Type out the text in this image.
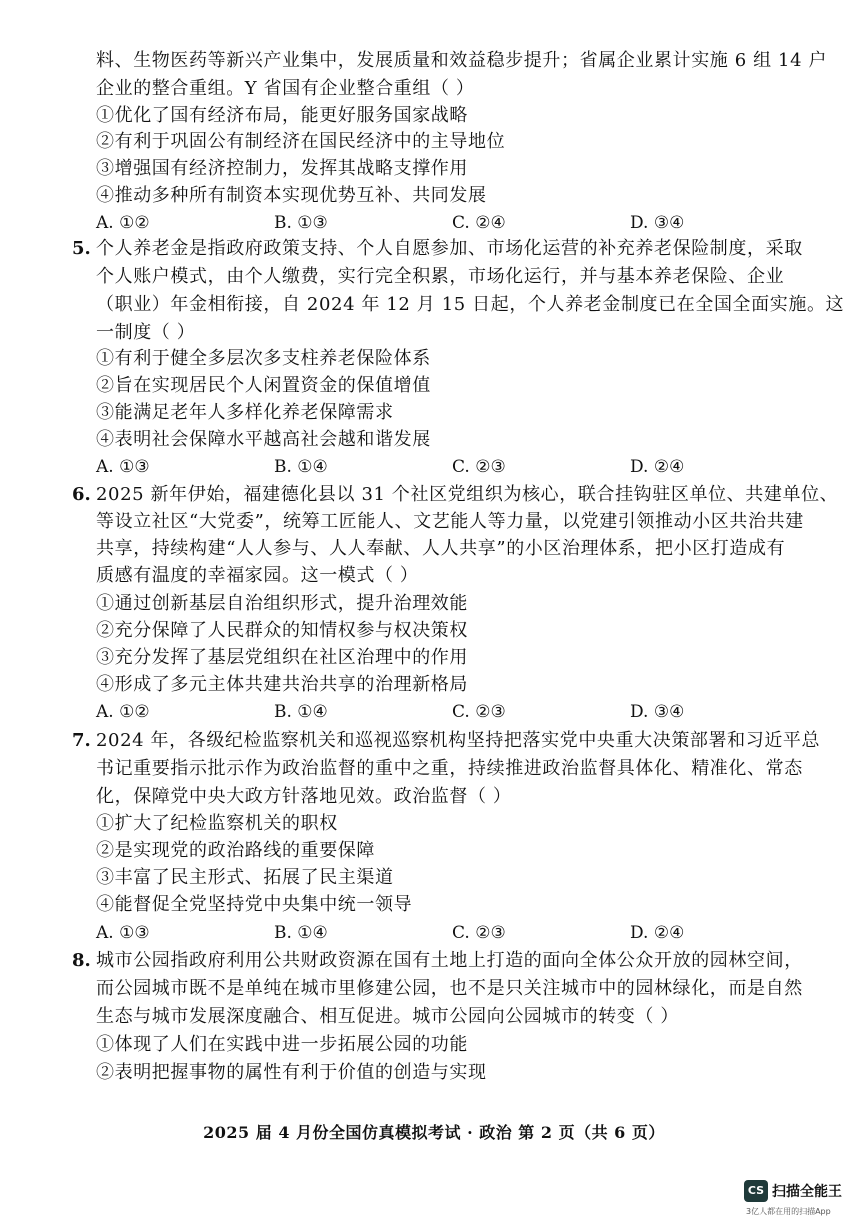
料、生物医药等新兴产业集中，发展质量和效益稳步提升；省属企业累计实施 6 组 14 户
企业的整合重组。Y 省国有企业整合重组（ ）
①优化了国有经济布局，能更好服务国家战略
②有利于巩固公有制经济在国民经济中的主导地位
③增强国有经济控制力，发挥其战略支撑作用
④推动多种所有制资本实现优势互补、共同发展
A. ①②	B. ①③	C. ②④	D. ③④
5. 个人养老金是指政府政策支持、个人自愿参加、市场化运营的补充养老保险制度，采取
个人账户模式，由个人缴费，实行完全积累，市场化运行，并与基本养老保险、企业
（职业）年金相衔接，自 2024 年 12 月 15 日起，个人养老金制度已在全国全面实施。这
一制度（ ）
①有利于健全多层次多支柱养老保险体系
②旨在实现居民个人闲置资金的保值增值
③能满足老年人多样化养老保障需求
④表明社会保障水平越高社会越和谐发展
A. ①③	B. ①④	C. ②③	D. ②④
6. 2025 新年伊始，福建德化县以 31 个社区党组织为核心，联合挂钩驻区单位、共建单位、
等设立社区“大党委”，统筹工匠能人、文艺能人等力量，以党建引领推动小区共治共建
共享，持续构建“人人参与、人人奉献、人人共享”的小区治理体系，把小区打造成有
质感有温度的幸福家园。这一模式（ ）
①通过创新基层自治组织形式，提升治理效能
②充分保障了人民群众的知情权参与权决策权
③充分发挥了基层党组织在社区治理中的作用
④形成了多元主体共建共治共享的治理新格局
A. ①②	B. ①④	C. ②③	D. ③④
7. 2024 年，各级纪检监察机关和巡视巡察机构坚持把落实党中央重大决策部署和习近平总
书记重要指示批示作为政治监督的重中之重，持续推进政治监督具体化、精准化、常态
化，保障党中央大政方针落地见效。政治监督（ ）
①扩大了纪检监察机关的职权
②是实现党的政治路线的重要保障
③丰富了民主形式、拓展了民主渠道
④能督促全党坚持党中央集中统一领导
A. ①③	B. ①④	C. ②③	D. ②④
8. 城市公园指政府利用公共财政资源在国有土地上打造的面向全体公众开放的园林空间，
而公园城市既不是单纯在城市里修建公园，也不是只关注城市中的园林绿化，而是自然
生态与城市发展深度融合、相互促进。城市公园向公园城市的转变（ ）
①体现了人们在实践中进一步拓展公园的功能
②表明把握事物的属性有利于价值的创造与实现
2025 届 4 月份全国仿真模拟考试 · 政治 第 2 页（共 6 页）
CS 扫描全能王
3亿人都在用的扫描App
